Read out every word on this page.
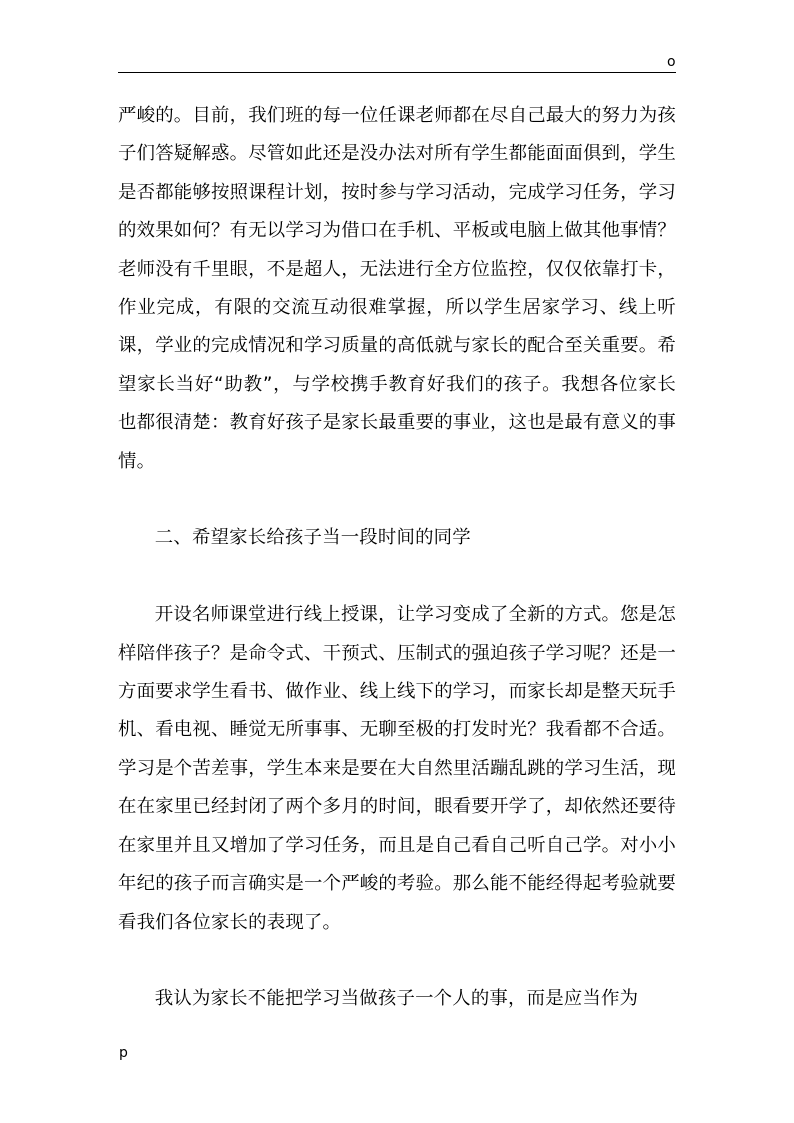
o

严峻的。目前，我们班的每一位任课老师都在尽自己最大的努力为孩子们答疑解惑。尽管如此还是没办法对所有学生都能面面俱到，学生是否都能够按照课程计划，按时参与学习活动，完成学习任务，学习的效果如何？有无以学习为借口在手机、平板或电脑上做其他事情？老师没有千里眼，不是超人，无法进行全方位监控，仅仅依靠打卡，作业完成，有限的交流互动很难掌握，所以学生居家学习、线上听课，学业的完成情况和学习质量的高低就与家长的配合至关重要。希望家长当好“助教”，与学校携手教育好我们的孩子。我想各位家长也都很清楚：教育好孩子是家长最重要的事业，这也是最有意义的事情。

二、希望家长给孩子当一段时间的同学

开设名师课堂进行线上授课，让学习变成了全新的方式。您是怎样陪伴孩子？是命令式、干预式、压制式的强迫孩子学习呢？还是一方面要求学生看书、做作业、线上线下的学习，而家长却是整天玩手机、看电视、睡觉无所事事、无聊至极的打发时光？我看都不合适。学习是个苦差事，学生本来是要在大自然里活蹦乱跳的学习生活，现在在家里已经封闭了两个多月的时间，眼看要开学了，却依然还要待在家里并且又增加了学习任务，而且是自己看自己听自己学。对小小年纪的孩子而言确实是一个严峻的考验。那么能不能经得起考验就要看我们各位家长的表现了。

我认为家长不能把学习当做孩子一个人的事，而是应当作为

p
